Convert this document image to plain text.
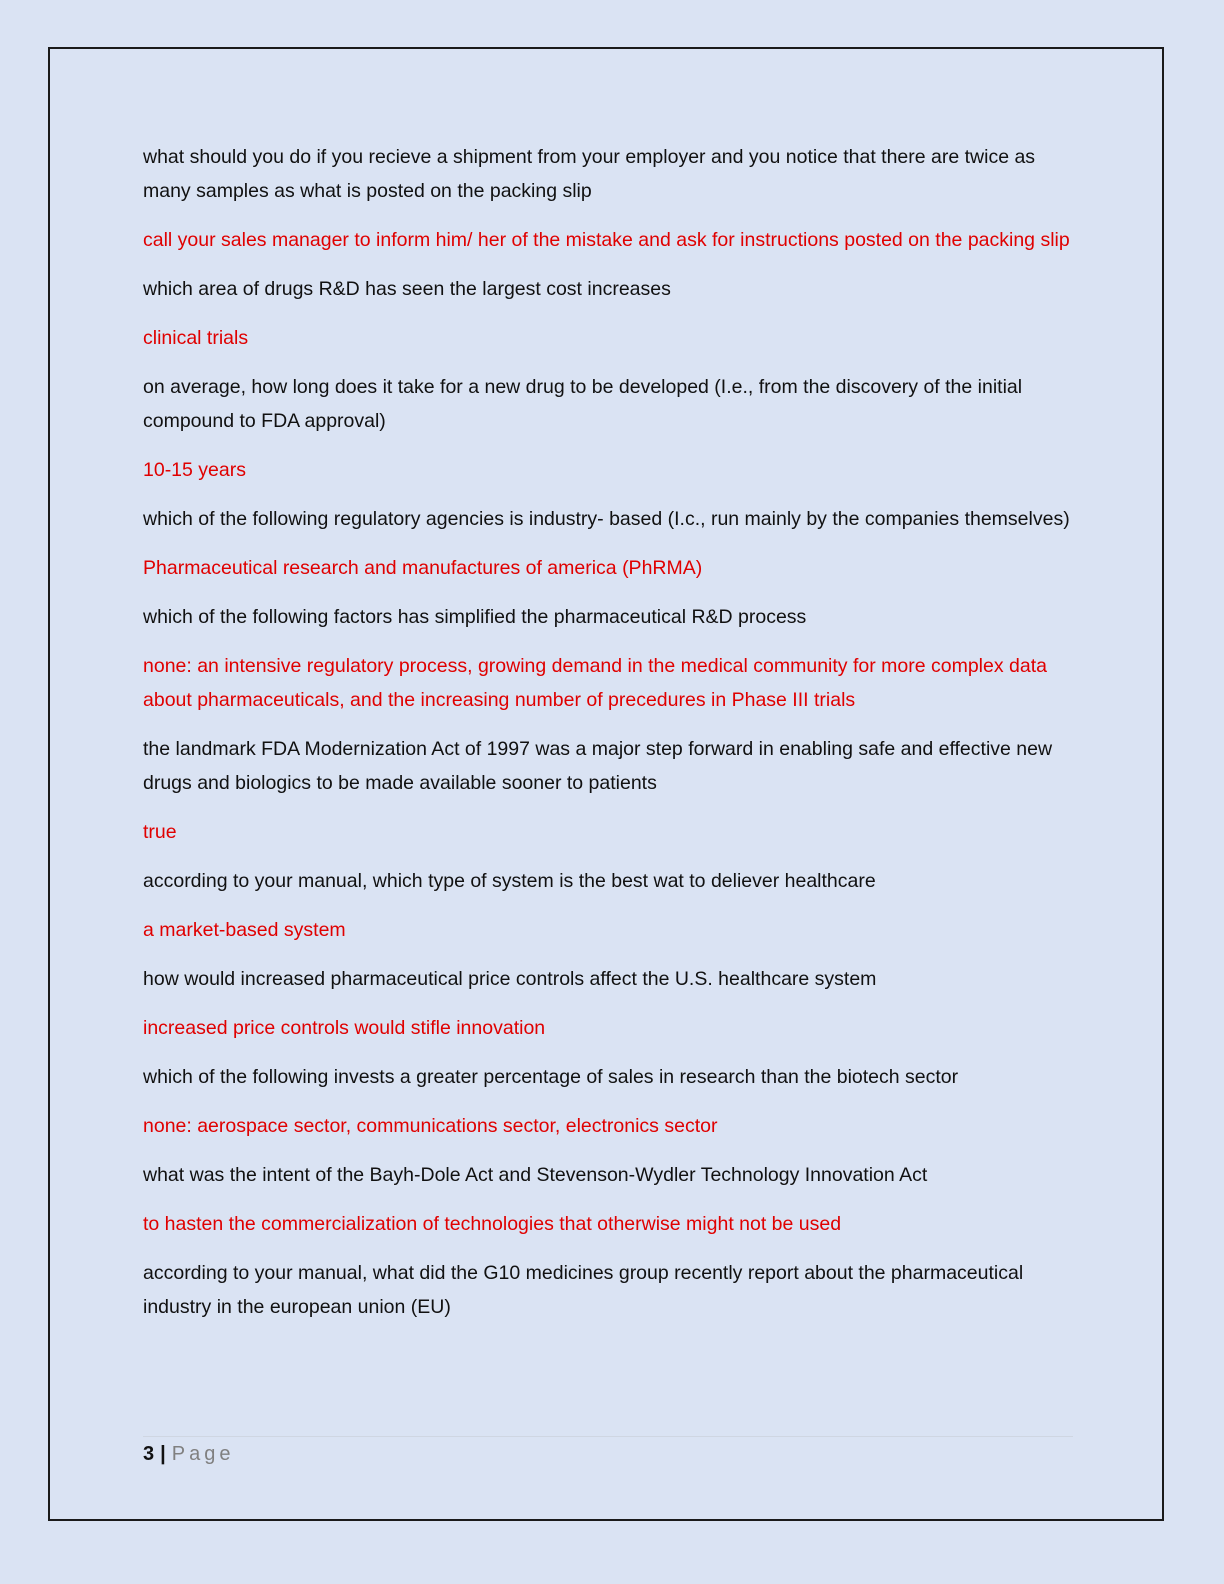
what should you do if you recieve a shipment from your employer and you notice that there are twice as many samples as what is posted on the packing slip

call your sales manager to inform him/ her of the mistake and ask for instructions posted on the packing slip

which area of drugs R&D has seen the largest cost increases

clinical trials

on average, how long does it take for a new drug to be developed (I.e., from the discovery of the initial compound to FDA approval)

10-15 years

which of the following regulatory agencies is industry- based (I.c., run mainly by the companies themselves)

Pharmaceutical research and manufactures of america (PhRMA)

which of the following factors has simplified the pharmaceutical R&D process

none: an intensive regulatory process, growing demand in the medical community for more complex data about pharmaceuticals, and the increasing number of precedures in Phase III trials

the landmark FDA Modernization Act of 1997 was a major step forward in enabling safe and effective new drugs and biologics to be made available sooner to patients

true

according to your manual, which type of system is the best wat to deliever healthcare

a market-based system

how would increased pharmaceutical price controls affect the U.S. healthcare system

increased price controls would stifle innovation

which of the following invests a greater percentage of sales in research than the biotech sector

none: aerospace sector, communications sector, electronics sector

what was the intent of the Bayh-Dole Act and Stevenson-Wydler Technology Innovation Act

to hasten the commercialization of technologies that otherwise might not be used

according to your manual, what did the G10 medicines group recently report about the pharmaceutical industry in the european union (EU)

3 | Page
